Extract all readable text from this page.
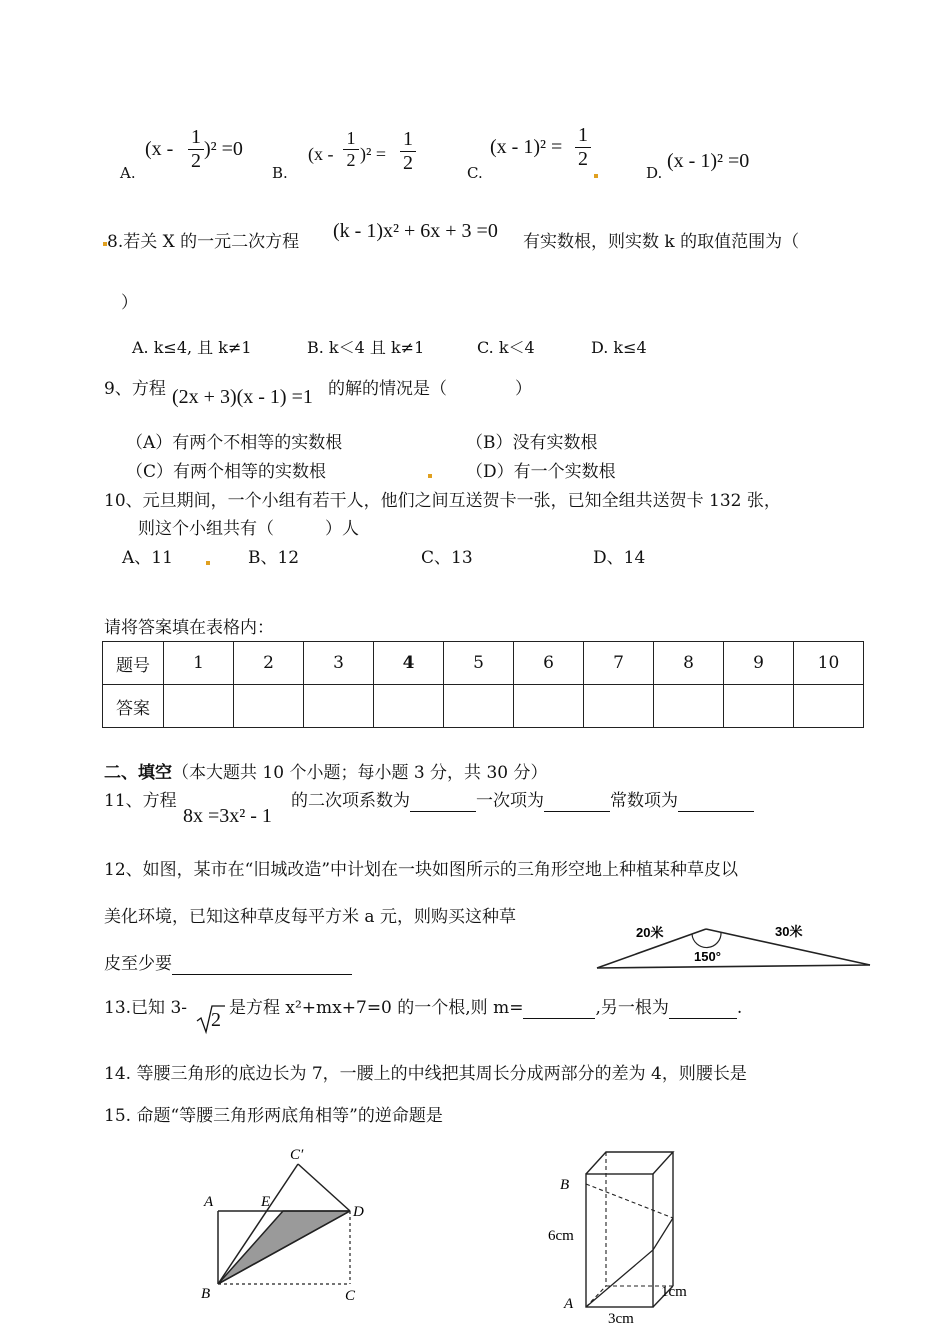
A.
$(x - \frac{1}{2} )^2 =0$
B.
$(x - \frac{1}{2} )^2 = \frac{1}{2}$	C.
$(x - 1)^2 = \frac{1}{2}$
D.
(x - 1)² =0
8.若关 X 的一元二次方程 (k - 1)x² + 6x + 3 =0 有实数根，则实数 k 的取值范围为（
）
A. k≤4, 且 k≠1	B. k＜4 且 k≠1	C. k＜4	D. k≤4
9、方程 (2x + 3)(x - 1) =1 的解的情况是（　　　　）
（A）有两个不相等的实数根	（B）没有实数根
（C）有两个相等的实数根	（D）有一个实数根
10、元旦期间，一个小组有若干人，他们之间互送贺卡一张，已知全组共送贺卡 132 张，
则这个小组共有（　　　）人
A、11	B、12	C、13	D、14
请将答案填在表格内：
题号	1	2	3	4	5	6	7	8	9	10
答案										
二、填空（本大题共 10 个小题；每小题 3 分，共 30 分）
11、方程
8x =3x² - 1
的二次项系数为	一次项为	常数项为
12、如图，某市在“旧城改造”中计划在一块如图所示的三角形空地上种植某种草皮以
美化环境，已知这种草皮每平方米 a 元，则购买这种草
皮至少要
20米	30米
150°
13.已知 3-
2
是方程 x²+mx+7=0 的一个根,则 m=	,另一根为	.
14. 等腰三角形的底边长为 7，一腰上的中线把其周长分成两部分的差为 4，则腰长是
15. 命题“等腰三角形两底角相等”的逆命题是
C′
A	E
D
B	C
B
6cm
A
1cm
3cm
